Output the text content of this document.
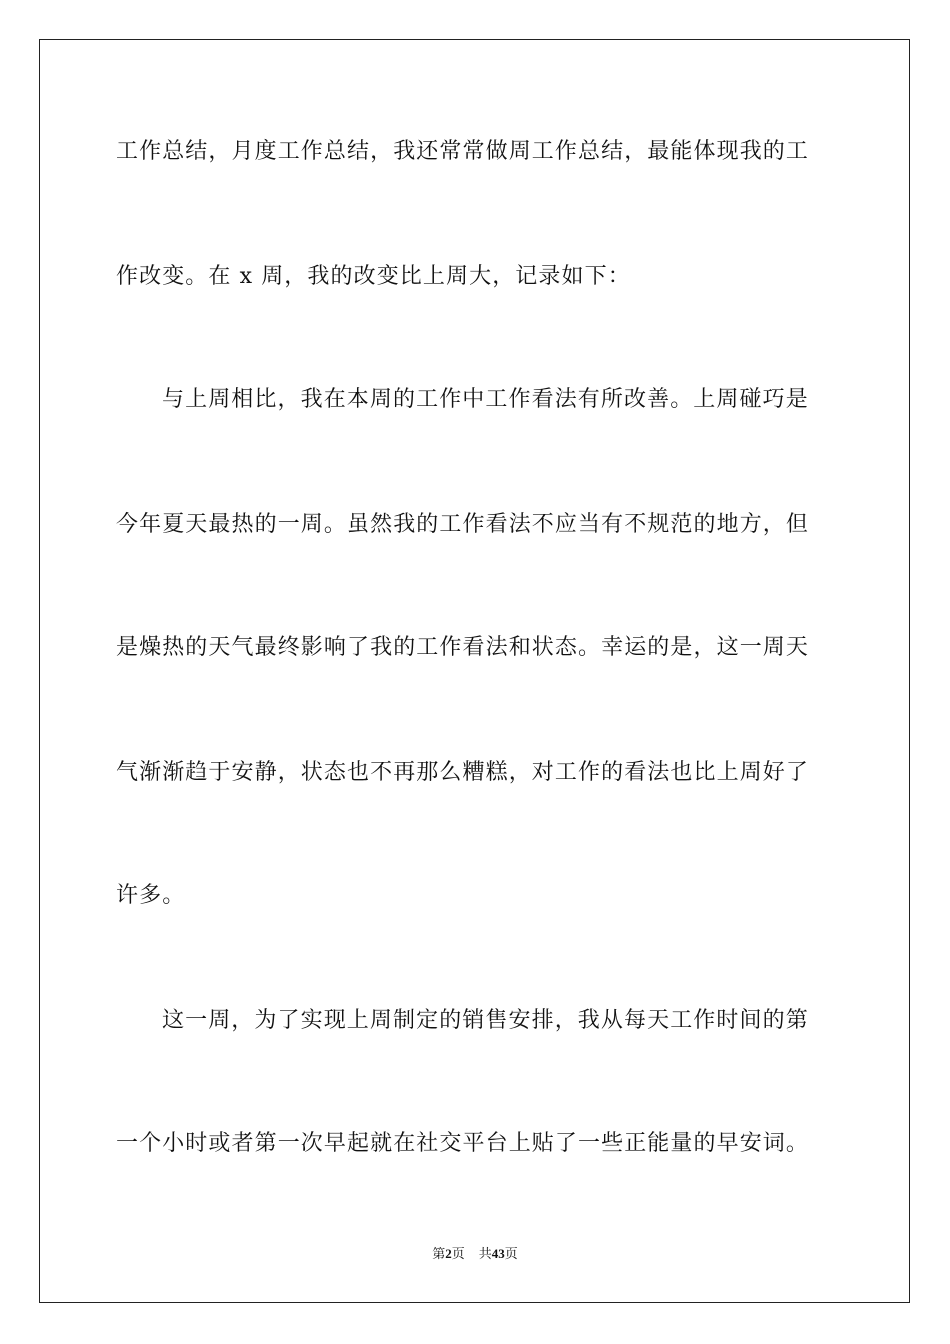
工作总结，月度工作总结，我还常常做周工作总结，最能体现我的工
作改变。在 x 周，我的改变比上周大，记录如下：
与上周相比，我在本周的工作中工作看法有所改善。上周碰巧是
今年夏天最热的一周。虽然我的工作看法不应当有不规范的地方，但
是燥热的天气最终影响了我的工作看法和状态。幸运的是，这一周天
气渐渐趋于安静，状态也不再那么糟糕，对工作的看法也比上周好了
许多。
这一周，为了实现上周制定的销售安排，我从每天工作时间的第
一个小时或者第一次早起就在社交平台上贴了一些正能量的早安词。
第2页 共43页
